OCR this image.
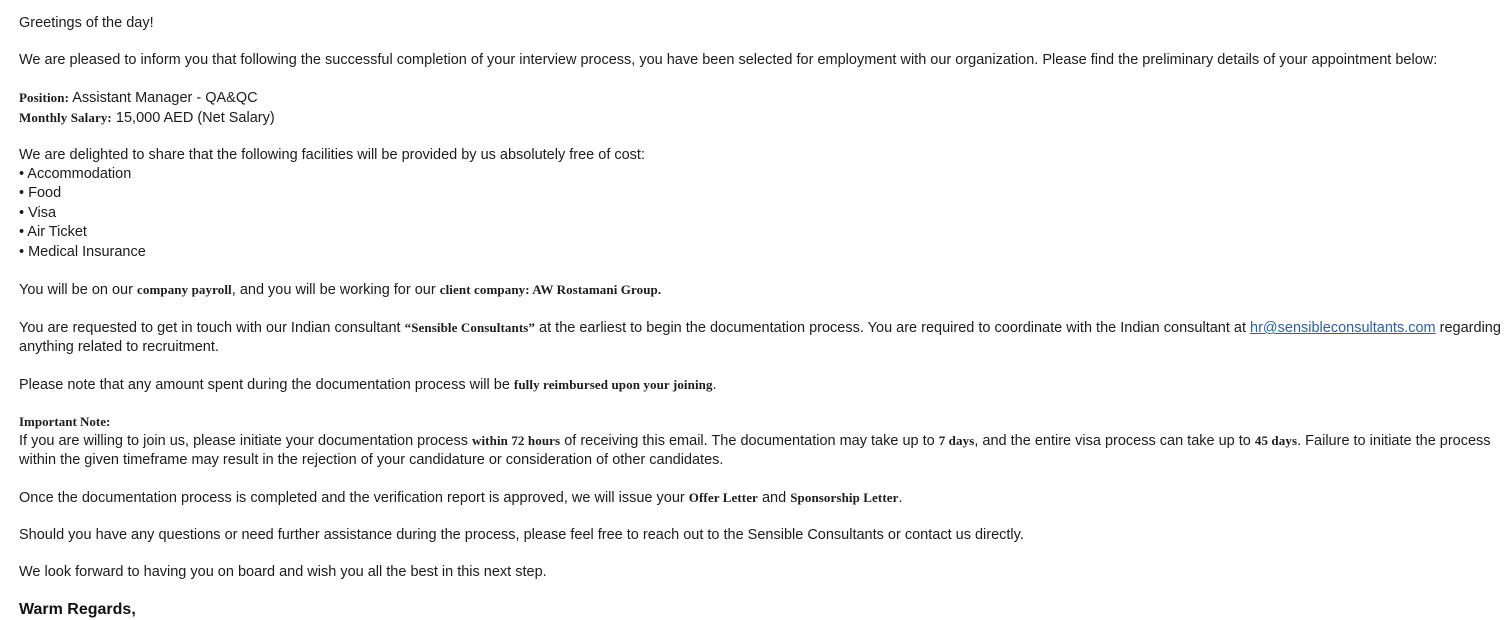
Greetings of the day!

We are pleased to inform you that following the successful completion of your interview process, you have been selected for employment with our organization. Please find the preliminary details of your appointment below:

Position: Assistant Manager - QA&QC

Monthly Salary: 15,000 AED (Net Salary)

We are delighted to share that the following facilities will be provided by us absolutely free of cost:

• Accommodation
• Food
• Visa
• Air Ticket
• Medical Insurance

You will be on our company payroll, and you will be working for our client company: AW Rostamani Group.

You are requested to get in touch with our Indian consultant “Sensible Consultants” at the earliest to begin the documentation process. You are required to coordinate with the Indian consultant at hr@sensibleconsultants.com regarding anything related to recruitment.

Please note that any amount spent during the documentation process will be fully reimbursed upon your joining.

Important Note:

If you are willing to join us, please initiate your documentation process within 72 hours of receiving this email. The documentation may take up to 7 days, and the entire visa process can take up to 45 days. Failure to initiate the process within the given timeframe may result in the rejection of your candidature or consideration of other candidates.

Once the documentation process is completed and the verification report is approved, we will issue your Offer Letter and Sponsorship Letter.

Should you have any questions or need further assistance during the process, please feel free to reach out to the Sensible Consultants or contact us directly.

We look forward to having you on board and wish you all the best in this next step.

Warm Regards,
